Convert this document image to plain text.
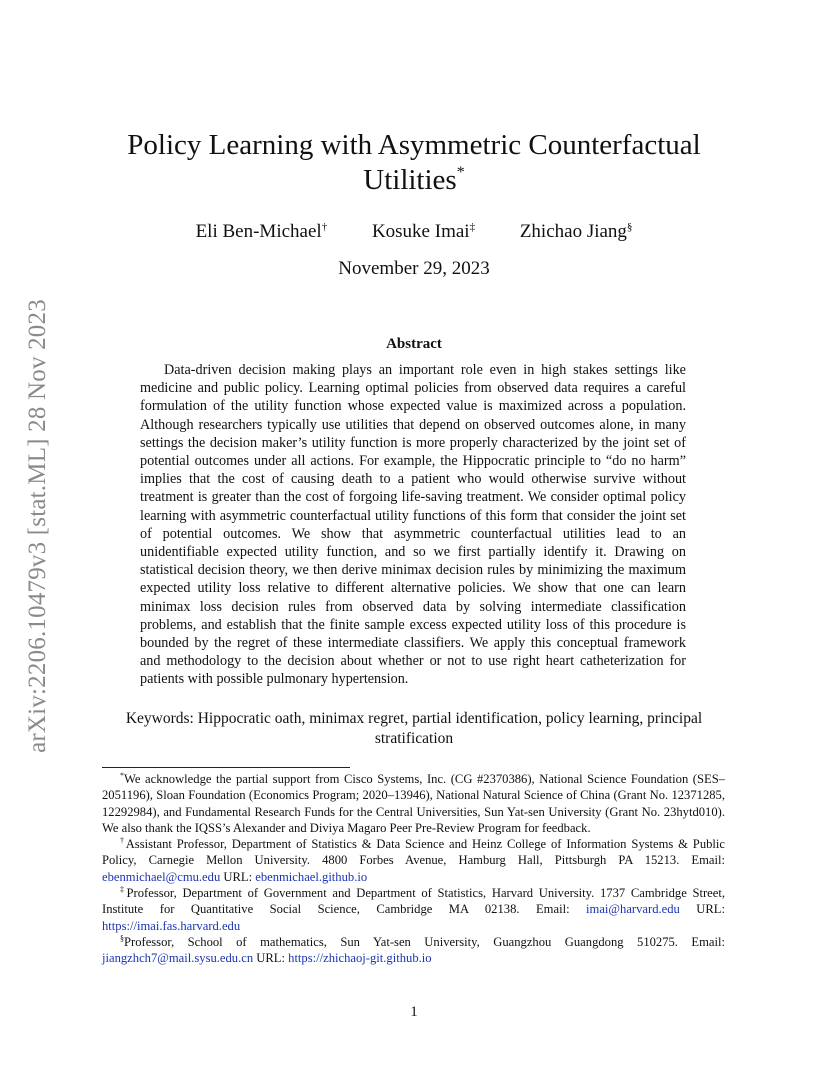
arXiv:2206.10479v3 [stat.ML] 28 Nov 2023
Policy Learning with Asymmetric Counterfactual
Utilities*
Eli Ben-Michael† Kosuke Imai‡ Zhichao Jiang§
November 29, 2023
Abstract

Data-driven decision making plays an important role even in high stakes settings like medicine and public policy. Learning optimal policies from observed data requires a careful formulation of the utility function whose expected value is maximized across a population. Although researchers typically use utilities that depend on observed outcomes alone, in many settings the decision maker’s utility function is more properly characterized by the joint set of potential outcomes under all actions. For example, the Hippocratic principle to “do no harm” implies that the cost of causing death to a patient who would otherwise survive without treatment is greater than the cost of forgoing life-saving treatment. We consider optimal policy learning with asymmetric counterfactual utility functions of this form that consider the joint set of potential outcomes. We show that asymmetric counterfactual utilities lead to an unidentifiable expected utility function, and so we first partially identify it. Drawing on statistical decision theory, we then derive minimax decision rules by minimizing the maximum expected utility loss relative to different alternative policies. We show that one can learn minimax loss decision rules from observed data by solving intermediate classification problems, and establish that the finite sample excess expected utility loss of this procedure is bounded by the regret of these intermediate classifiers. We apply this conceptual framework and methodology to the decision about whether or not to use right heart catheterization for patients with possible pulmonary hypertension.

Keywords: Hippocratic oath, minimax regret, partial identification, policy learning, principal stratification

*We acknowledge the partial support from Cisco Systems, Inc. (CG #2370386), National Science Foundation (SES–2051196), Sloan Foundation (Economics Program; 2020–13946), National Natural Science of China (Grant No. 12371285, 12292984), and Fundamental Research Funds for the Central Universities, Sun Yat-sen University (Grant No. 23hytd010). We also thank the IQSS’s Alexander and Diviya Magaro Peer Pre-Review Program for feedback.

†Assistant Professor, Department of Statistics & Data Science and Heinz College of Information Systems & Public Policy, Carnegie Mellon University. 4800 Forbes Avenue, Hamburg Hall, Pittsburgh PA 15213. Email: ebenmichael@cmu.edu URL: ebenmichael.github.io

‡Professor, Department of Government and Department of Statistics, Harvard University. 1737 Cambridge Street, Institute for Quantitative Social Science, Cambridge MA 02138. Email: imai@harvard.edu URL: https://imai.fas.harvard.edu

§Professor, School of mathematics, Sun Yat-sen University, Guangzhou Guangdong 510275. Email: jiangzhch7@mail.sysu.edu.cn URL: https://zhichaoj-git.github.io

1
